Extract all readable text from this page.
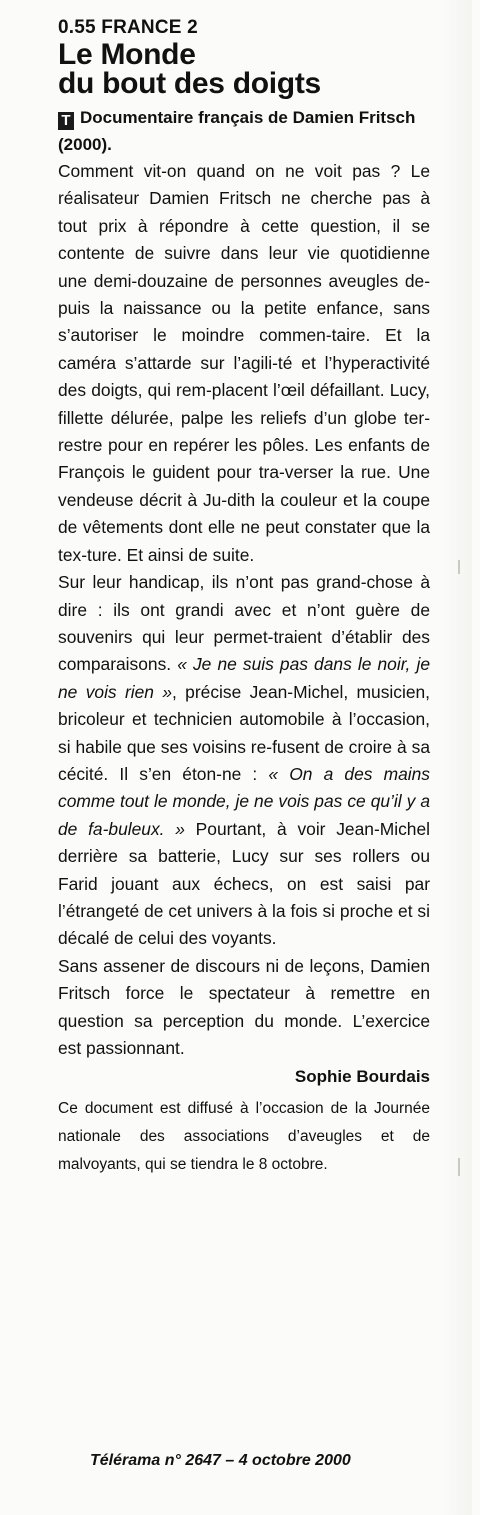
0.55 FRANCE 2
Le Monde
du bout des doigts
T Documentaire français de Damien Fritsch (2000).

Comment vit-on quand on ne voit pas ? Le réalisateur Damien Fritsch ne cherche pas à tout prix à répondre à cette question, il se contente de suivre dans leur vie quotidienne une demi-douzaine de personnes aveugles de-puis la naissance ou la petite enfance, sans s’autoriser le moindre commen-taire. Et la caméra s’attarde sur l’agili-té et l’hyperactivité des doigts, qui rem-placent l’œil défaillant. Lucy, fillette délurée, palpe les reliefs d’un globe ter-restre pour en repérer les pôles. Les enfants de François le guident pour tra-verser la rue. Une vendeuse décrit à Ju-dith la couleur et la coupe de vêtements dont elle ne peut constater que la tex-ture. Et ainsi de suite.

Sur leur handicap, ils n’ont pas grand-chose à dire : ils ont grandi avec et n’ont guère de souvenirs qui leur permet-traient d’établir des comparaisons. « Je ne suis pas dans le noir, je ne vois rien », précise Jean-Michel, musicien, bricoleur et technicien automobile à l’occasion, si habile que ses voisins re-fusent de croire à sa cécité. Il s’en éton-ne : « On a des mains comme tout le monde, je ne vois pas ce qu’il y a de fa-buleux. » Pourtant, à voir Jean-Michel derrière sa batterie, Lucy sur ses rollers ou Farid jouant aux échecs, on est saisi par l’étrangeté de cet univers à la fois si proche et si décalé de celui des voyants.

Sans assener de discours ni de leçons, Damien Fritsch force le spectateur à remettre en question sa perception du monde. L’exercice est passionnant.

Sophie Bourdais
Ce document est diffusé à l’occasion de la Journée nationale des associations d’aveugles et de malvoyants, qui se tiendra le 8 octobre.
Télérama n° 2647 – 4 octobre 2000
